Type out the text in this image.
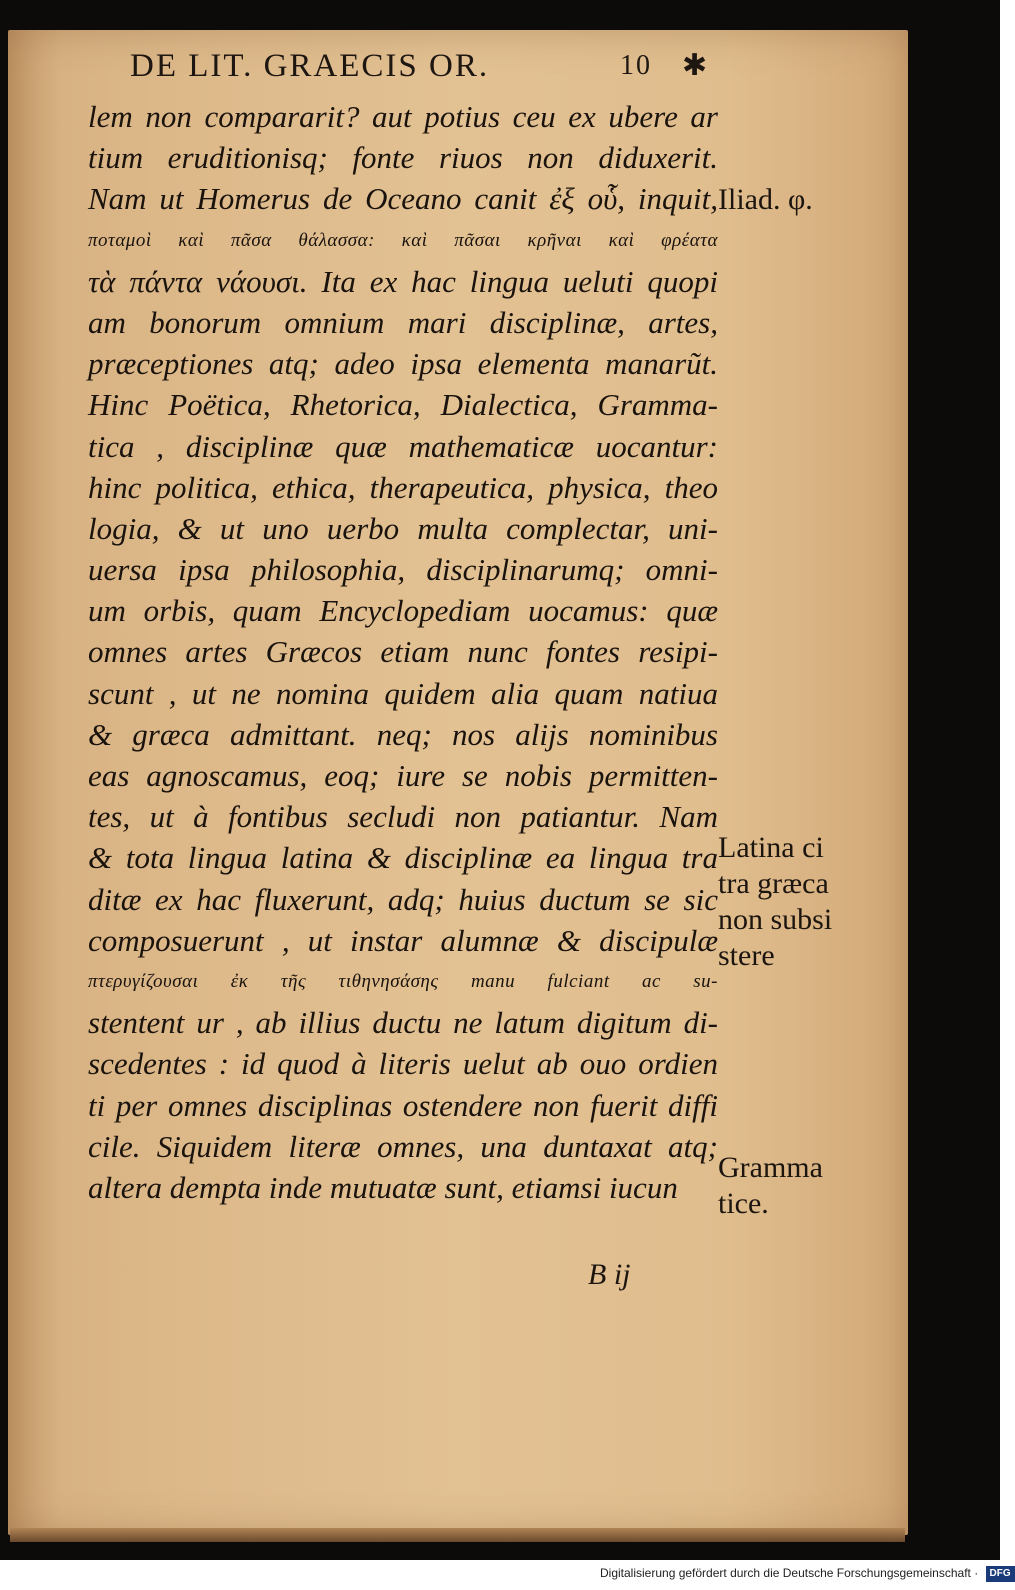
DE LIT. GRAECIS OR.	10 ✱
lem non compararit? aut potius ceu ex ubere ar
tium eruditionisq; fonte riuos non diduxerit.
Nam ut Homerus de Oceano canit ἐξ οὗ, inquit,
ποταμοὶ καὶ πᾶσα θάλασσα: καὶ πᾶσαι κρῆναι καὶ φρέατα
τὰ πάντα νάουσι. Ita ex hac lingua ueluti quopi
am bonorum omnium mari disciplinæ, artes,
præceptiones atq; adeo ipsa elementa manarũt.
Hinc Poëtica, Rhetorica, Dialectica, Gramma-
tica , disciplinæ quæ mathematicæ uocantur:
hinc politica, ethica, therapeutica, physica, theo
logia, & ut uno uerbo multa complectar, uni-
uersa ipsa philosophia, disciplinarumq; omni-
um orbis, quam Encyclopediam uocamus: quæ
omnes artes Græcos etiam nunc fontes resipi-
scunt , ut ne nomina quidem alia quam natiua
& græca admittant. neq; nos alijs nominibus
eas agnoscamus, eoq; iure se nobis permitten-
tes, ut à fontibus secludi non patiantur. Nam
& tota lingua latina & disciplinæ ea lingua tra
ditæ ex hac fluxerunt, adq; huius ductum se sic
composuerunt , ut instar alumnæ & discipulæ
πτερυγίζουσαι ἐκ τῆς τιθηνησάσης manu fulciant ac su-
stentent ur , ab illius ductu ne latum digitum di-
scedentes : id quod à literis uelut ab ouo ordien
ti per omnes disciplinas ostendere non fuerit diffi
cile. Siquidem literæ omnes, una duntaxat atq;
altera dempta inde mutuatæ sunt, etiamsi iucun
Iliad. φ.
Latina ci
tra græca
non subsi
stere
Gramma
tice.
B ij
Digitalisierung gefördert durch die Deutsche Forschungsgemeinschaft · DFG
